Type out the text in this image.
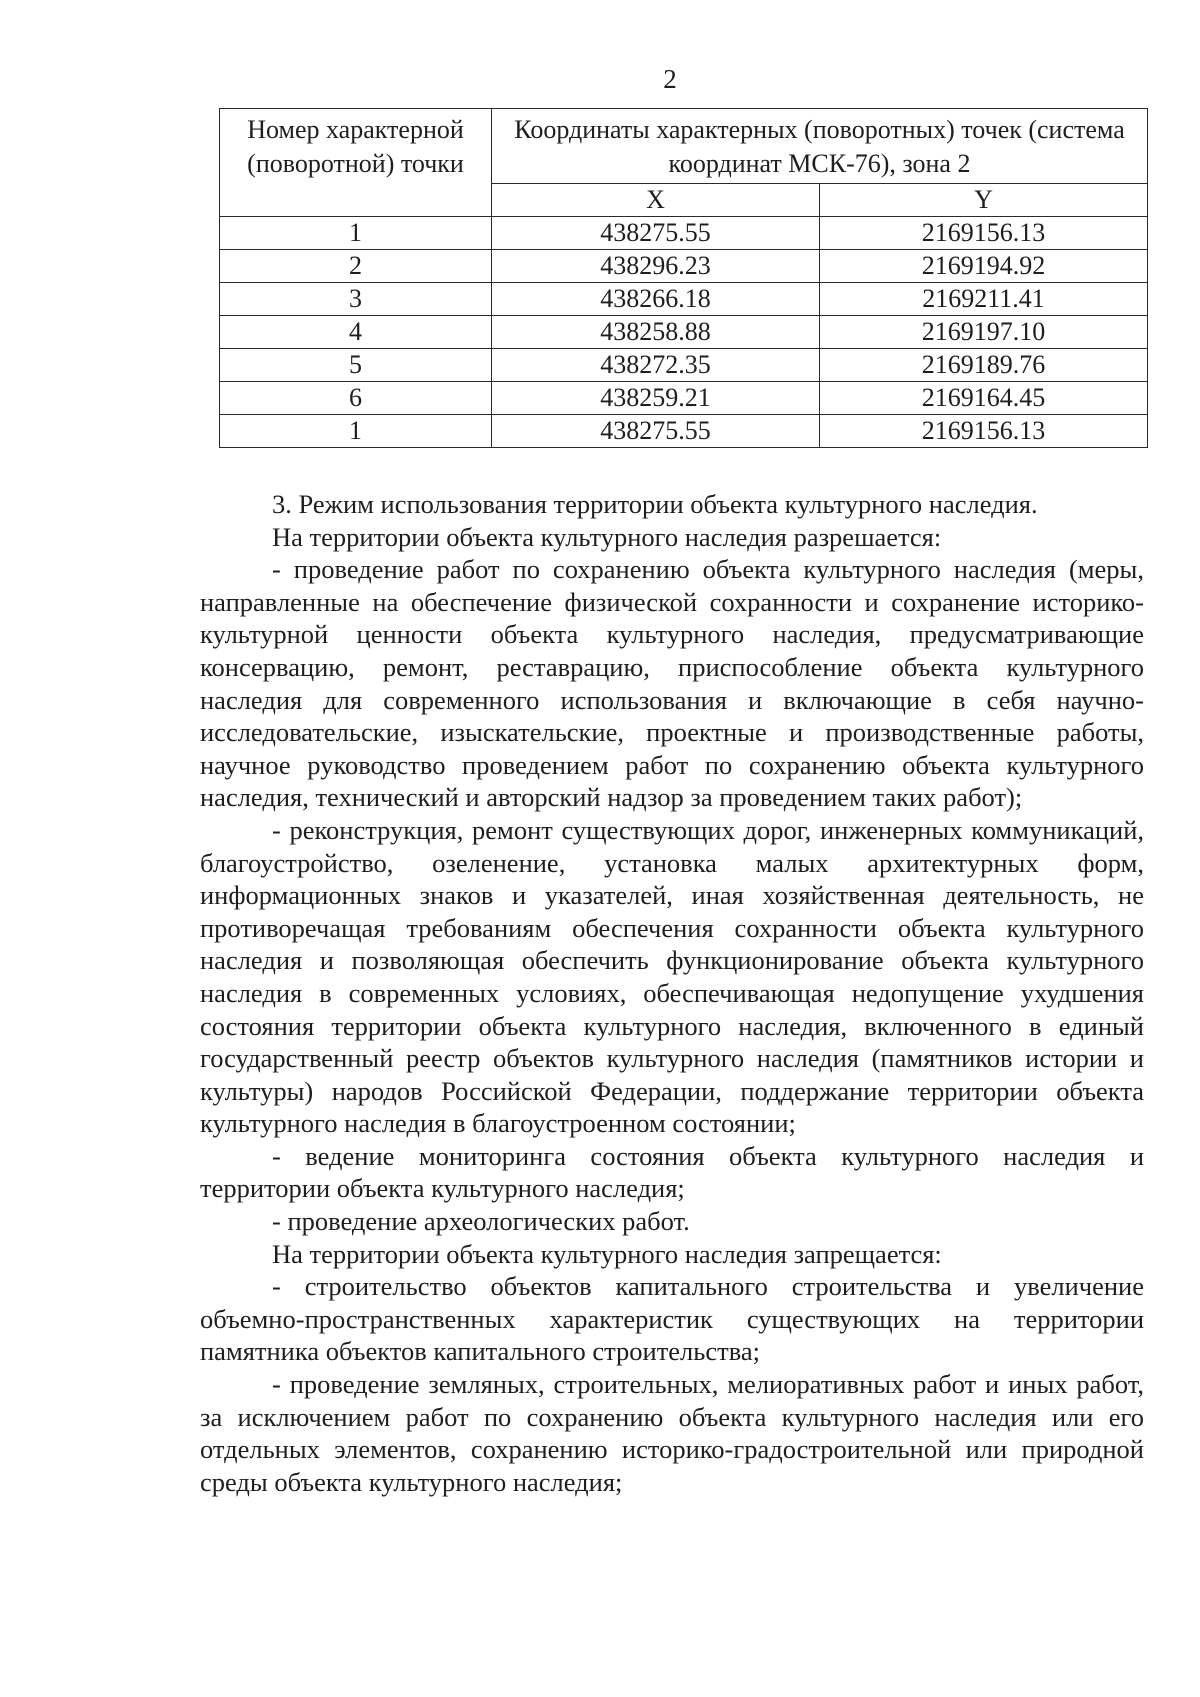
2
Номер характерной (поворотной) точки	Координаты характерных (поворотных) точек (система координат МСК-76), зона 2	
	X	Y
1	438275.55	2169156.13
2	438296.23	2169194.92
3	438266.18	2169211.41
4	438258.88	2169197.10
5	438272.35	2169189.76
6	438259.21	2169164.45
1	438275.55	2169156.13

3. Режим использования территории объекта культурного наследия.

На территории объекта культурного наследия разрешается:

- проведение работ по сохранению объекта культурного наследия (меры, направленные на обеспечение физической сохранности и сохранение историко-культурной ценности объекта культурного наследия, предусматривающие консервацию, ремонт, реставрацию, приспособление объекта культурного наследия для современного использования и включающие в себя научно-исследовательские, изыскательские, проектные и производственные работы, научное руководство проведением работ по сохранению объекта культурного наследия, технический и авторский надзор за проведением таких работ);

- реконструкция, ремонт существующих дорог, инженерных коммуникаций, благоустройство, озеленение, установка малых архитектурных форм, информационных знаков и указателей, иная хозяйственная деятельность, не противоречащая требованиям обеспечения сохранности объекта культурного наследия и позволяющая обеспечить функционирование объекта культурного наследия в современных условиях, обеспечивающая недопущение ухудшения состояния территории объекта культурного наследия, включенного в единый государственный реестр объектов культурного наследия (памятников истории и культуры) народов Российской Федерации, поддержание территории объекта культурного наследия в благоустроенном состоянии;

- ведение мониторинга состояния объекта культурного наследия и территории объекта культурного наследия;

- проведение археологических работ.

На территории объекта культурного наследия запрещается:

- строительство объектов капитального строительства и увеличение объемно-пространственных характеристик существующих на территории памятника объектов капитального строительства;

- проведение земляных, строительных, мелиоративных работ и иных работ, за исключением работ по сохранению объекта культурного наследия или его отдельных элементов, сохранению историко-градостроительной или природной среды объекта культурного наследия;
